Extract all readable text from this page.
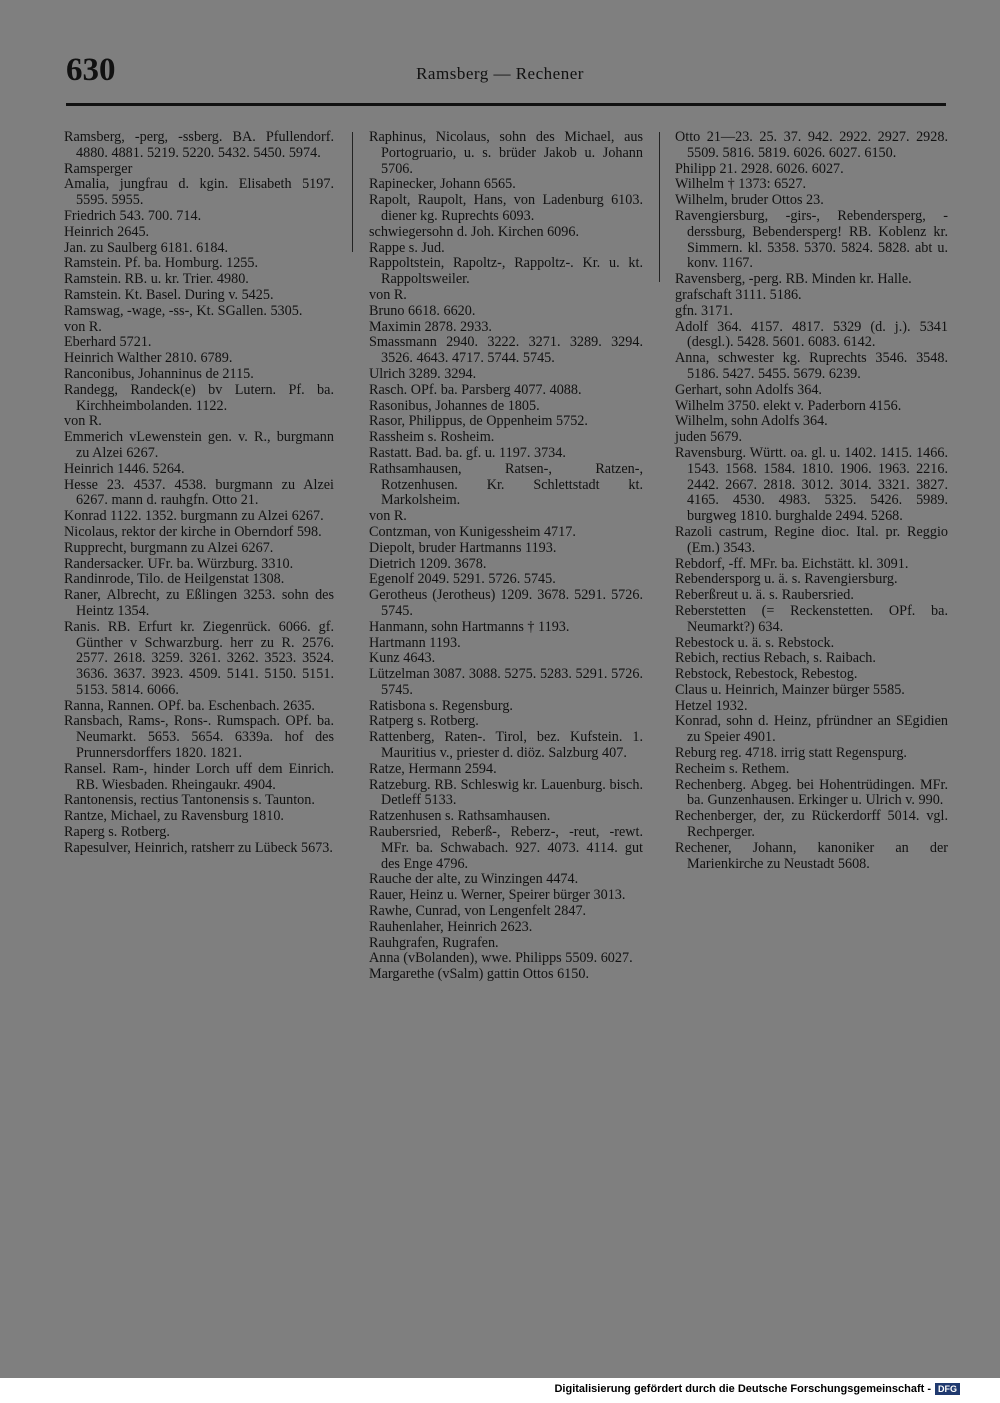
630	Ramsberg — Rechener
Ramsberg, -perg, -ssberg. BA. Pfullendorf. 4880. 4881. 5219. 5220. 5432. 5450. 5974.
Ramsperger
Amalia, jungfrau d. kgin. Elisabeth 5197. 5595. 5955.
Friedrich 543. 700. 714.
Heinrich 2645.
Jan. zu Saulberg 6181. 6184.
Ramstein. Pf. ba. Homburg. 1255.
Ramstein. RB. u. kr. Trier. 4980.
Ramstein. Kt. Basel. During v. 5425.
Ramswag, -wage, -ss-, Kt. SGallen. 5305.
von R.
Eberhard 5721.
Heinrich Walther 2810. 6789.
Ranconibus, Johanninus de 2115.
Randegg, Randeck(e) bv Lutern. Pf. ba. Kirchheimbolanden. 1122.
von R.
Emmerich vLewenstein gen. v. R., burgmann zu Alzei 6267.
Heinrich 1446. 5264.
Hesse 23. 4537. 4538. burgmann zu Alzei 6267. mann d. rauhgfn. Otto 21.
Konrad 1122. 1352. burgmann zu Alzei 6267.
Nicolaus, rektor der kirche in Oberndorf 598.
Rupprecht, burgmann zu Alzei 6267.
Randersacker. UFr. ba. Würzburg. 3310.
Randinrode, Tilo. de Heilgenstat 1308.
Raner, Albrecht, zu Eßlingen 3253. sohn des Heintz 1354.
Ranis. RB. Erfurt kr. Ziegenrück. 6066. gf. Günther v Schwarzburg. herr zu R. 2576. 2577. 2618. 3259. 3261. 3262. 3523. 3524. 3636. 3637. 3923. 4509. 5141. 5150. 5151. 5153. 5814. 6066.
Ranna, Rannen. OPf. ba. Eschenbach. 2635.
Ransbach, Rams-, Rons-. Rumspach. OPf. ba. Neumarkt. 5653. 5654. 6339a. hof des Prunnersdorffers 1820. 1821.
Ransel. Ram-, hinder Lorch uff dem Einrich. RB. Wiesbaden. Rheingaukr. 4904.
Rantonensis, rectius Tantonensis s. Taunton.
Rantze, Michael, zu Ravensburg 1810.
Raperg s. Rotberg.
Rapesulver, Heinrich, ratsherr zu Lübeck 5673.
Raphinus, Nicolaus, sohn des Michael, aus Portogruario, u. s. brüder Jakob u. Johann 5706.
Rapinecker, Johann 6565.
Rapolt, Raupolt, Hans, von Ladenburg 6103. diener kg. Ruprechts 6093.
schwiegersohn d. Joh. Kirchen 6096.
Rappe s. Jud.
Rappoltstein, Rapoltz-, Rappoltz-. Kr. u. kt. Rappoltsweiler.
von R.
Bruno 6618. 6620.
Maximin 2878. 2933.
Smassmann 2940. 3222. 3271. 3289. 3294. 3526. 4643. 4717. 5744. 5745.
Ulrich 3289. 3294.
Rasch. OPf. ba. Parsberg 4077. 4088.
Rasonibus, Johannes de 1805.
Rasor, Philippus, de Oppenheim 5752.
Rassheim s. Rosheim.
Rastatt. Bad. ba. gf. u. 1197. 3734.
Rathsamhausen, Ratsen-, Ratzen-, Rotzenhusen. Kr. Schlettstadt kt. Markolsheim.
von R.
Contzman, von Kunigessheim 4717.
Diepolt, bruder Hartmanns 1193.
Dietrich 1209. 3678.
Egenolf 2049. 5291. 5726. 5745.
Gerotheus (Jerotheus) 1209. 3678. 5291. 5726. 5745.
Hanmann, sohn Hartmanns † 1193.
Hartmann 1193.
Kunz 4643.
Lützelman 3087. 3088. 5275. 5283. 5291. 5726. 5745.
Ratisbona s. Regensburg.
Ratperg s. Rotberg.
Rattenberg, Raten-. Tirol, bez. Kufstein. 1. Mauritius v., priester d. diöz. Salzburg 407.
Ratze, Hermann 2594.
Ratzeburg. RB. Schleswig kr. Lauenburg. bisch. Detleff 5133.
Ratzenhusen s. Rathsamhausen.
Raubersried, Reberß-, Reberz-, -reut, -rewt. MFr. ba. Schwabach. 927. 4073. 4114. gut des Enge 4796.
Rauche der alte, zu Winzingen 4474.
Rauer, Heinz u. Werner, Speirer bürger 3013.
Rawhe, Cunrad, von Lengenfelt 2847.
Rauhenlaher, Heinrich 2623.
Rauhgrafen, Rugrafen.
Anna (vBolanden), wwe. Philipps 5509. 6027.
Margarethe (vSalm) gattin Ottos 6150.
Otto 21—23. 25. 37. 942. 2922. 2927. 2928. 5509. 5816. 5819. 6026. 6027. 6150.
Philipp 21. 2928. 6026. 6027.
Wilhelm † 1373: 6527.
Wilhelm, bruder Ottos 23.
Ravengiersburg, -girs-, Rebendersperg, -derssburg, Bebendersperg! RB. Koblenz kr. Simmern. kl. 5358. 5370. 5824. 5828. abt u. konv. 1167.
Ravensberg, -perg. RB. Minden kr. Halle.
grafschaft 3111. 5186.
gfn. 3171.
Adolf 364. 4157. 4817. 5329 (d. j.). 5341 (desgl.). 5428. 5601. 6083. 6142.
Anna, schwester kg. Ruprechts 3546. 3548. 5186. 5427. 5455. 5679. 6239.
Gerhart, sohn Adolfs 364.
Wilhelm 3750. elekt v. Paderborn 4156.
Wilhelm, sohn Adolfs 364.
juden 5679.
Ravensburg. Württ. oa. gl. u. 1402. 1415. 1466. 1543. 1568. 1584. 1810. 1906. 1963. 2216. 2442. 2667. 2818. 3012. 3014. 3321. 3827. 4165. 4530. 4983. 5325. 5426. 5989. burgweg 1810. burghalde 2494. 5268.
Razoli castrum, Regine dioc. Ital. pr. Reggio (Em.) 3543.
Rebdorf, -ff. MFr. ba. Eichstätt. kl. 3091.
Rebendersporg u. ä. s. Ravengiersburg.
Reberßreut u. ä. s. Raubersried.
Reberstetten (= Reckenstetten. OPf. ba. Neumarkt?) 634.
Rebestock u. ä. s. Rebstock.
Rebich, rectius Rebach, s. Raibach.
Rebstock, Rebestock, Rebestog.
Claus u. Heinrich, Mainzer bürger 5585.
Hetzel 1932.
Konrad, sohn d. Heinz, pfründner an SEgidien zu Speier 4901.
Reburg reg. 4718. irrig statt Regenspurg.
Recheim s. Rethem.
Rechenberg. Abgeg. bei Hohentrüdingen. MFr. ba. Gunzenhausen. Erkinger u. Ulrich v. 990.
Rechenberger, der, zu Rückerdorff 5014. vgl. Rechperger.
Rechener, Johann, kanoniker an der Marienkirche zu Neustadt 5608.
Digitalisierung gefördert durch die Deutsche Forschungsgemeinschaft - DFG
